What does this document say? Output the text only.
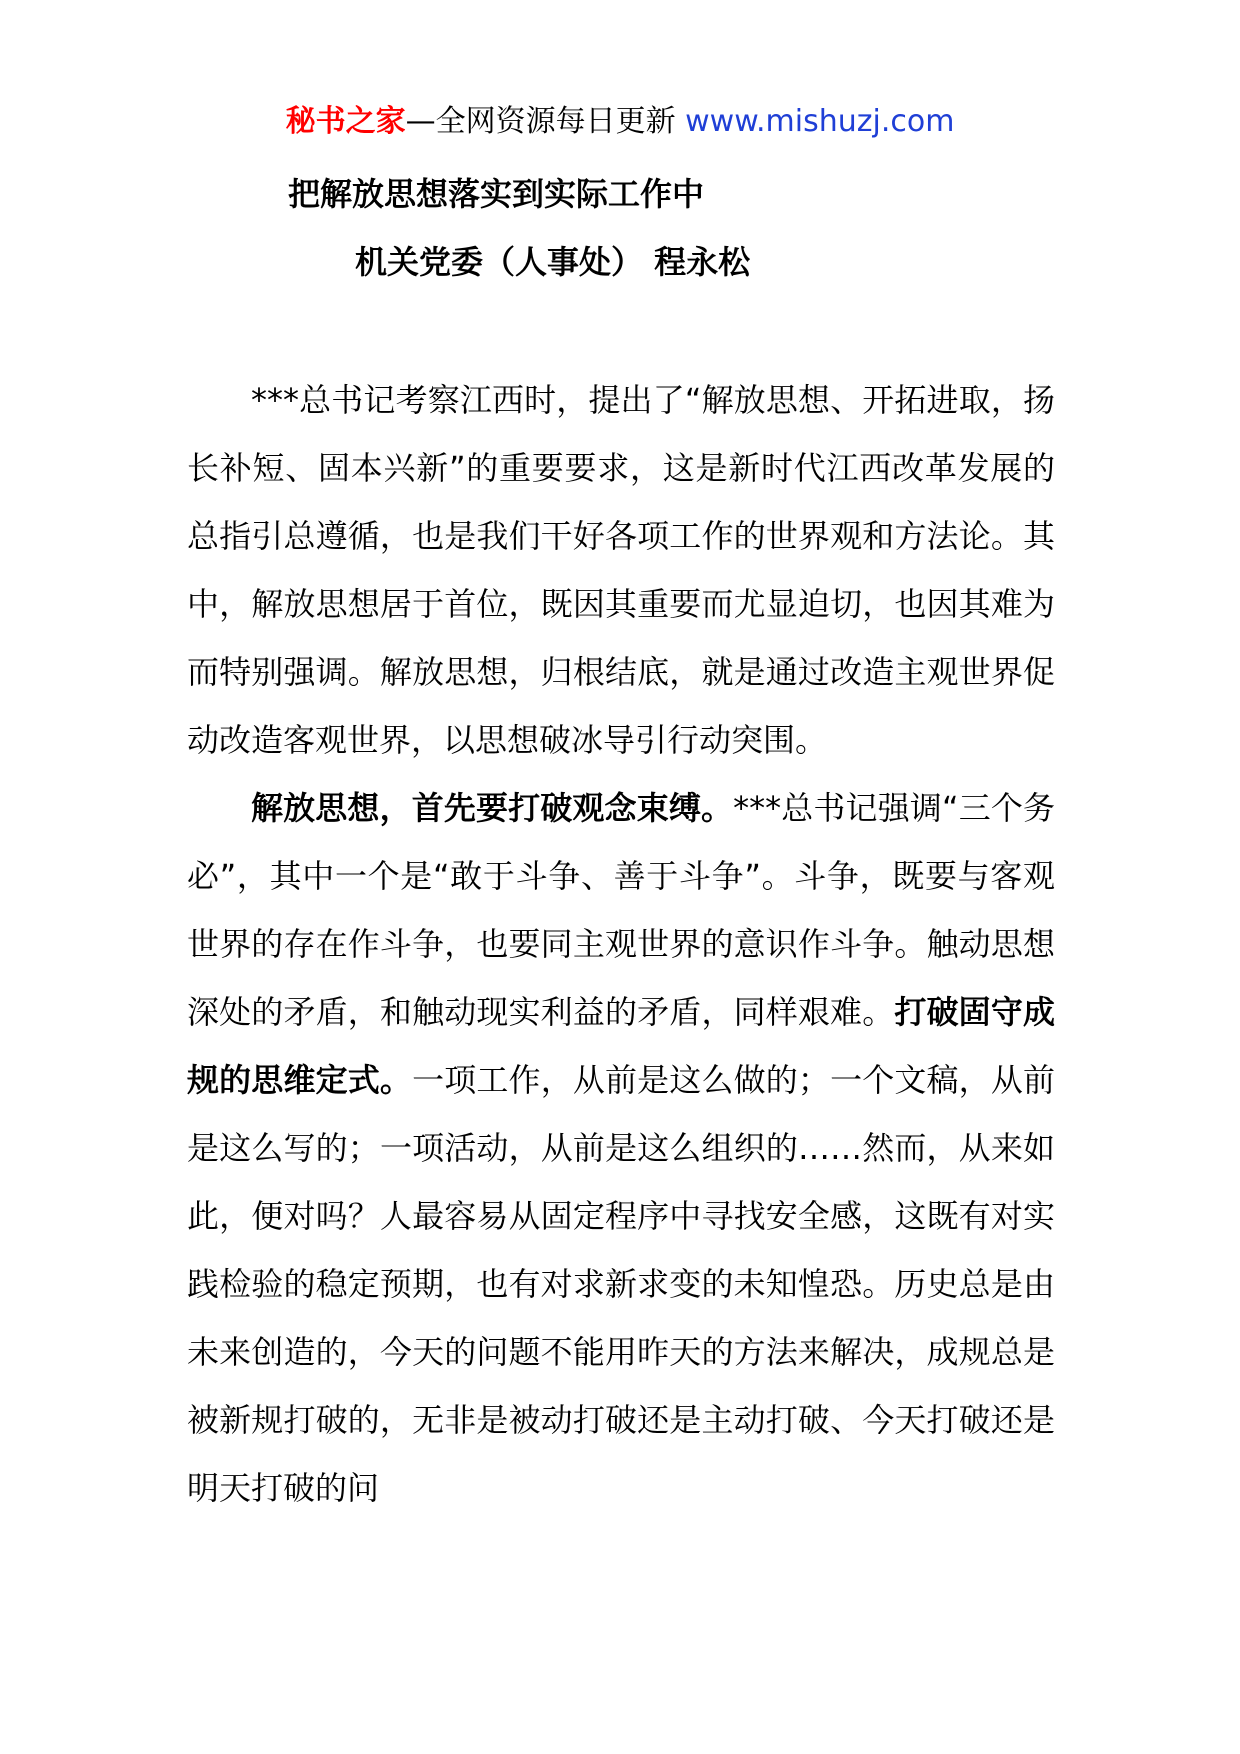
秘书之家—全网资源每日更新 www.mishuzj.com
把解放思想落实到实际工作中
机关党委（人事处） 程永松

***总书记考察江西时，提出了“解放思想、开拓进取，扬长补短、固本兴新”的重要要求，这是新时代江西改革发展的总指引总遵循，也是我们干好各项工作的世界观和方法论。其中，解放思想居于首位，既因其重要而尤显迫切，也因其难为而特别强调。解放思想，归根结底，就是通过改造主观世界促动改造客观世界，以思想破冰导引行动突围。

解放思想，首先要打破观念束缚。***总书记强调“三个务必”，其中一个是“敢于斗争、善于斗争”。斗争，既要与客观世界的存在作斗争，也要同主观世界的意识作斗争。触动思想深处的矛盾，和触动现实利益的矛盾，同样艰难。打破固守成规的思维定式。一项工作，从前是这么做的；一个文稿，从前是这么写的；一项活动，从前是这么组织的……然而，从来如此，便对吗？人最容易从固定程序中寻找安全感，这既有对实践检验的稳定预期，也有对求新求变的未知惶恐。历史总是由未来创造的，今天的问题不能用昨天的方法来解决，成规总是被新规打破的，无非是被动打破还是主动打破、今天打破还是明天打破的问
